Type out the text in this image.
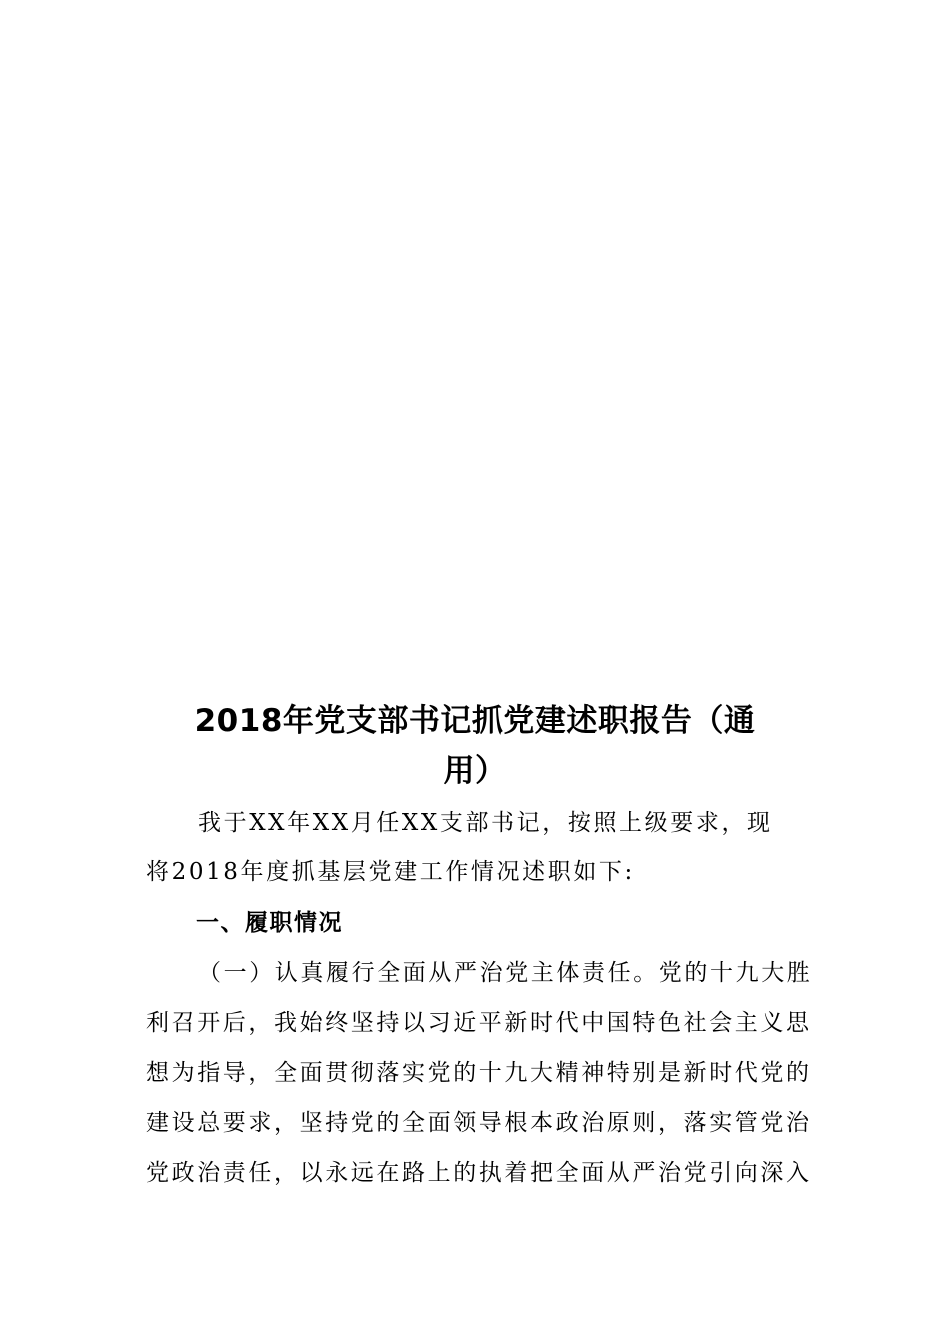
2018年党支部书记抓党建述职报告（通
用）

我于XX年XX月任XX支部书记，按照上级要求，现

将2018年度抓基层党建工作情况述职如下:

一、履职情况

（一）认真履行全面从严治党主体责任。党的十九大胜

利召开后，我始终坚持以习近平新时代中国特色社会主义思

想为指导，全面贯彻落实党的十九大精神特别是新时代党的

建设总要求，坚持党的全面领导根本政治原则，落实管党治

党政治责任，以永远在路上的执着把全面从严治党引向深入
